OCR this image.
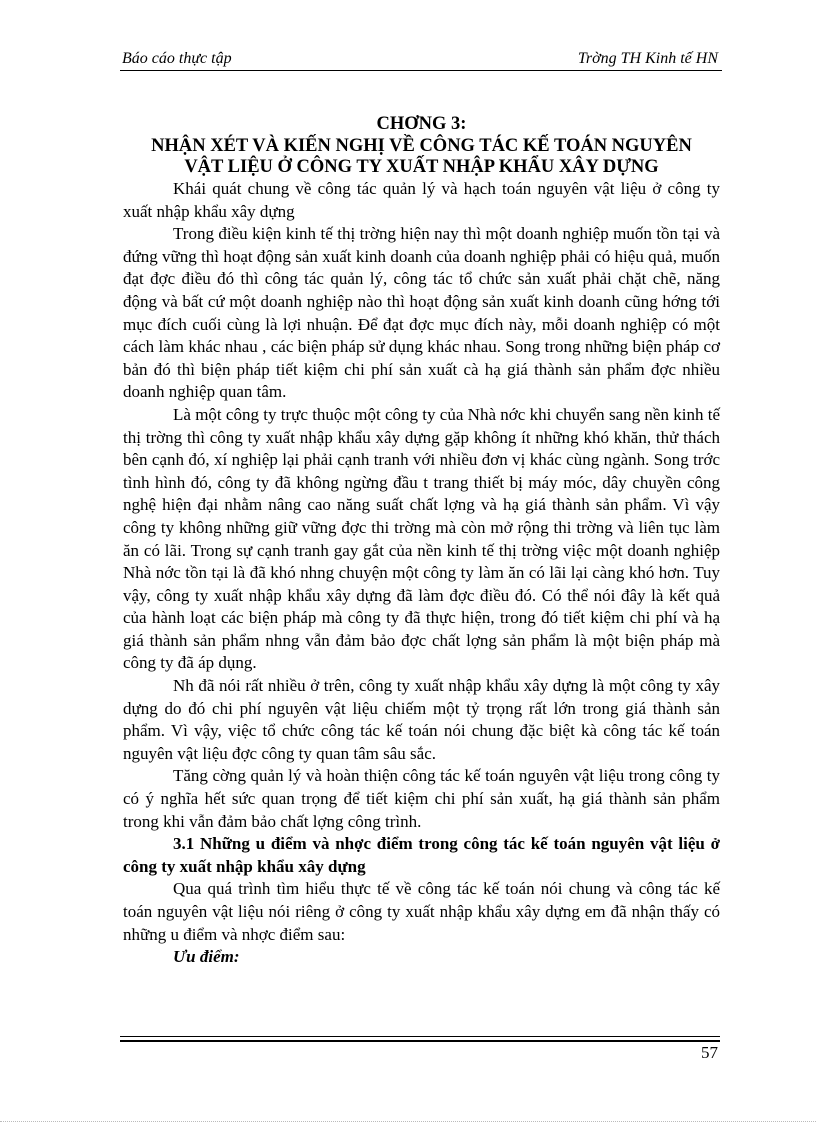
Báo cáo thực tập	Trờng TH Kinh tế HN

CHƠNG 3:

NHẬN XÉT VÀ KIẾN NGHỊ VỀ CÔNG TÁC KẾ TOÁN NGUYÊN

VẬT LIỆU Ở CÔNG TY XUẤT NHẬP KHẨU XÂY DỰNG

Khái quát chung về công tác quản lý và hạch toán nguyên vật liệu ở công ty xuất nhập khẩu xây dựng

Trong điều kiện kinh tế thị trờng hiện nay thì một doanh nghiệp muốn tồn tại và đứng vững thì hoạt động sản xuất kinh doanh của doanh nghiệp phải có hiệu quả, muốn đạt đợc điều đó thì công tác quản lý, công tác tổ chức sản xuất phải chặt chẽ, năng động và bất cứ một doanh nghiệp nào thì hoạt động sản xuất kinh doanh cũng hớng tới mục đích cuối cùng là lợi nhuận. Để đạt đợc mục đích này, mỗi doanh nghiệp có một cách làm khác nhau , các biện pháp sử dụng khác nhau. Song trong những biện pháp cơ bản đó thì biện pháp tiết kiệm chi phí sản xuất cà hạ giá thành sản phẩm đợc nhiều doanh nghiệp quan tâm.

Là một công ty trực thuộc một công ty của Nhà nớc khi chuyển sang nền kinh tế thị trờng thì công ty xuất nhập khẩu xây dựng gặp không ít những khó khăn, thử thách bên cạnh đó, xí nghiệp lại phải cạnh tranh với nhiều đơn vị khác cùng ngành. Song trớc tình hình đó, công ty đã không ngừng đầu t trang thiết bị máy móc, dây chuyền công nghệ hiện đại nhằm nâng cao năng suất chất lợng và hạ giá thành sản phẩm. Vì vậy công ty không những giữ vững đợc thi trờng mà còn mở rộng thi trờng và liên tục làm ăn có lãi. Trong sự cạnh tranh gay gắt của nền kinh tế thị trờng việc một doanh nghiệp Nhà nớc tồn tại là đã khó nhng chuyện một công ty làm ăn có lãi lại càng khó hơn. Tuy vậy, công ty xuất nhập khẩu xây dựng đã làm đợc điều đó. Có thể nói đây là kết quả của hành loạt các biện pháp mà công ty đã thực hiện, trong đó tiết kiệm chi phí và hạ giá thành sản phẩm nhng vẫn đảm bảo đợc chất lợng sản phẩm là một biện pháp mà công ty đã áp dụng.

Nh đã nói rất nhiều ở trên, công ty xuất nhập khẩu xây dựng là một công ty xây dựng do đó chi phí nguyên vật liệu chiếm một tỷ trọng rất lớn trong giá thành sản phẩm. Vì vậy, việc tổ chức công tác kế toán nói chung đặc biệt kà công tác kế toán nguyên vật liệu đợc công ty quan tâm sâu sắc.

Tăng cờng quản lý và hoàn thiện công tác kế toán nguyên vật liệu trong công ty có ý nghĩa hết sức quan trọng để tiết kiệm chi phí sản xuất, hạ giá thành sản phẩm trong khi vẫn đảm bảo chất lợng công trình.

3.1 Những u điểm và nhợc điểm trong công tác kế toán nguyên vật liệu ở công ty xuất nhập khẩu xây dựng

Qua quá trình tìm hiểu thực tế về công tác kế toán nói chung và công tác kế toán nguyên vật liệu nói riêng ở công ty xuất nhập khẩu xây dựng em đã nhận thấy có những u điểm và nhợc điểm sau:

Ưu điểm:

57
